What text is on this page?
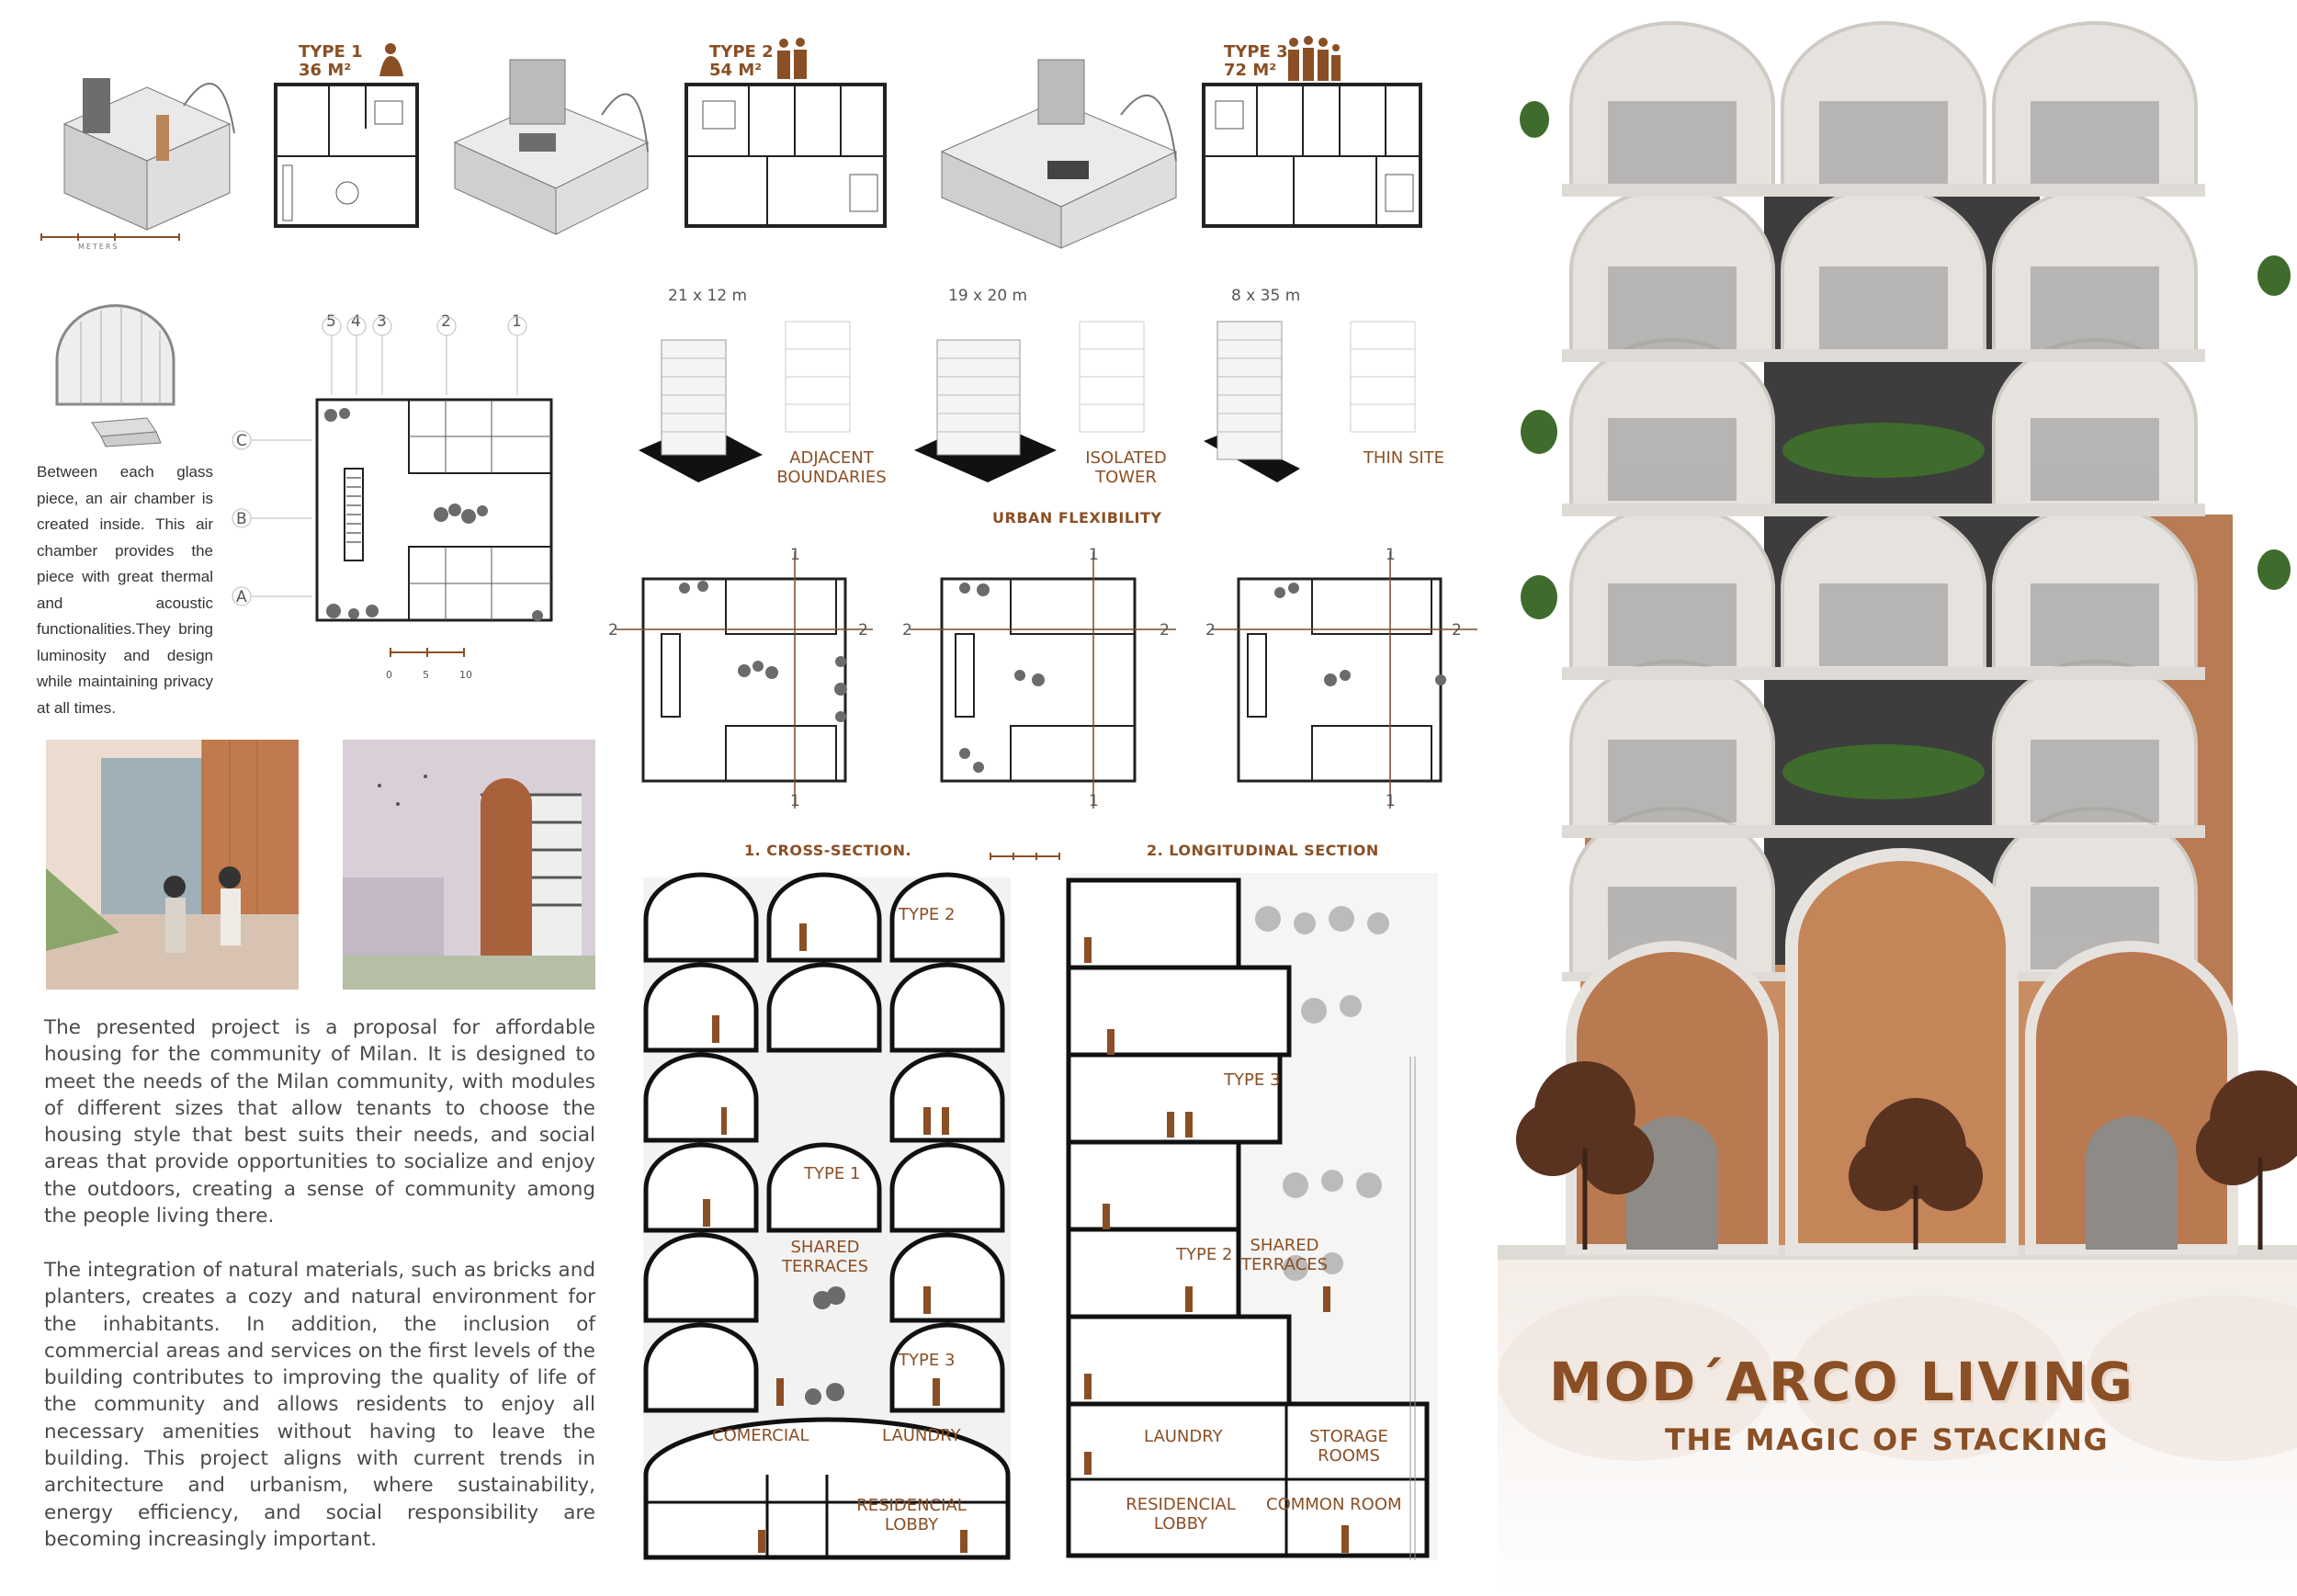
METERS
TYPE 1
36 M²
TYPE 2
54 M²
TYPE 3
72 M²
Between each glass piece, an air chamber is created inside. This air chamber provides the piece with great thermal and acoustic functionalities.They bring luminosity and design while maintaining privacy at all times.
5 4 3	2	1
C
B
A
0	5	10
21 x 12 m	19 x 20 m	8 x 35 m
ADJACENT BOUNDARIES
ISOLATED TOWER
THIN SITE
URBAN FLEXIBILITY
2	2
1
1
2	2
1
1
2	2
1
1
The presented project is a proposal for affordable housing for the community of Milan. It is designed to meet the needs of the Milan community, with modules of different sizes that allow tenants to choose the housing style that best suits their needs, and social areas that provide opportunities to socialize and enjoy the outdoors, creating a sense of community among the people living there.
The integration of natural materials, such as bricks and planters, creates a cozy and natural environment for the inhabitants. In addition, the inclusion of commercial areas and services on the first levels of the building contributes to improving the quality of life of the community and allows residents to enjoy all necessary amenities without having to leave the building. This project aligns with current trends in architecture and urbanism, where sustainability, energy efficiency, and social responsibility are becoming increasingly important.
1. CROSS-SECTION.	2. LONGITUDINAL SECTION
TYPE 2
TYPE 1
SHARED TERRACES
TYPE 3
COMERCIAL	LAUNDRY
RESIDENCIAL LOBBY
TYPE 3
TYPE 2	SHARED TERRACES
LAUNDRY	STORAGE ROOMS
RESIDENCIAL LOBBY
COMMON ROOM
MOD´ARCO LIVING
THE MAGIC OF STACKING
